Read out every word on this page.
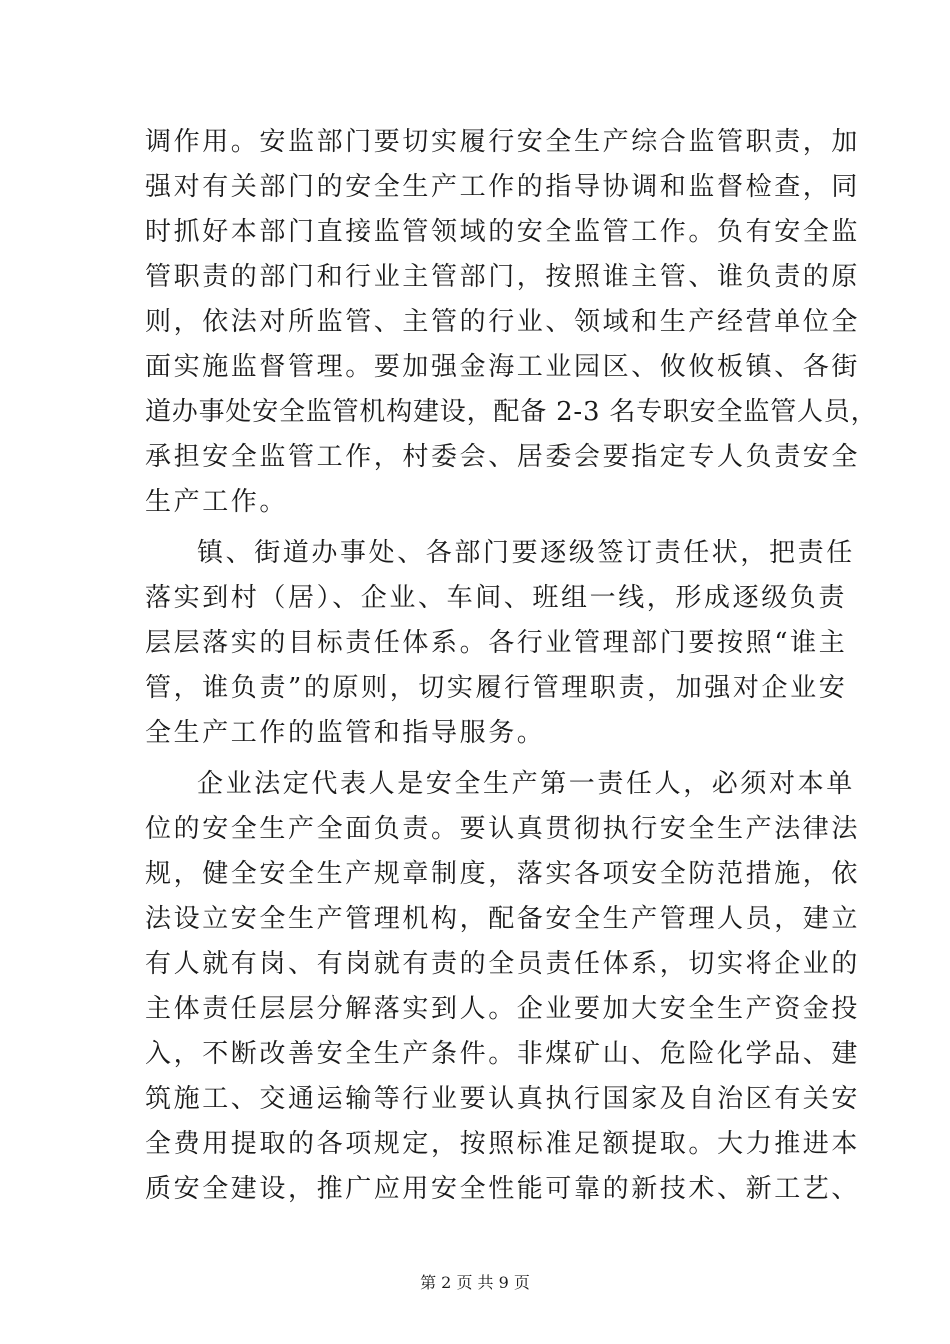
调作用。安监部门要切实履行安全生产综合监管职责，加
强对有关部门的安全生产工作的指导协调和监督检查，同
时抓好本部门直接监管领域的安全监管工作。负有安全监
管职责的部门和行业主管部门，按照谁主管、谁负责的原
则，依法对所监管、主管的行业、领域和生产经营单位全
面实施监督管理。要加强金海工业园区、攸攸板镇、各街
道办事处安全监管机构建设，配备 2-3 名专职安全监管人员，
承担安全监管工作，村委会、居委会要指定专人负责安全
生产工作。
镇、街道办事处、各部门要逐级签订责任状，把责任
落实到村（居）、企业、车间、班组一线，形成逐级负责
层层落实的目标责任体系。各行业管理部门要按照“谁主
管，谁负责”的原则，切实履行管理职责，加强对企业安
全生产工作的监管和指导服务。
企业法定代表人是安全生产第一责任人，必须对本单
位的安全生产全面负责。要认真贯彻执行安全生产法律法
规，健全安全生产规章制度，落实各项安全防范措施，依
法设立安全生产管理机构，配备安全生产管理人员，建立
有人就有岗、有岗就有责的全员责任体系，切实将企业的
主体责任层层分解落实到人。企业要加大安全生产资金投
入，不断改善安全生产条件。非煤矿山、危险化学品、建
筑施工、交通运输等行业要认真执行国家及自治区有关安
全费用提取的各项规定，按照标准足额提取。大力推进本
质安全建设，推广应用安全性能可靠的新技术、新工艺、
第 2 页 共 9 页
